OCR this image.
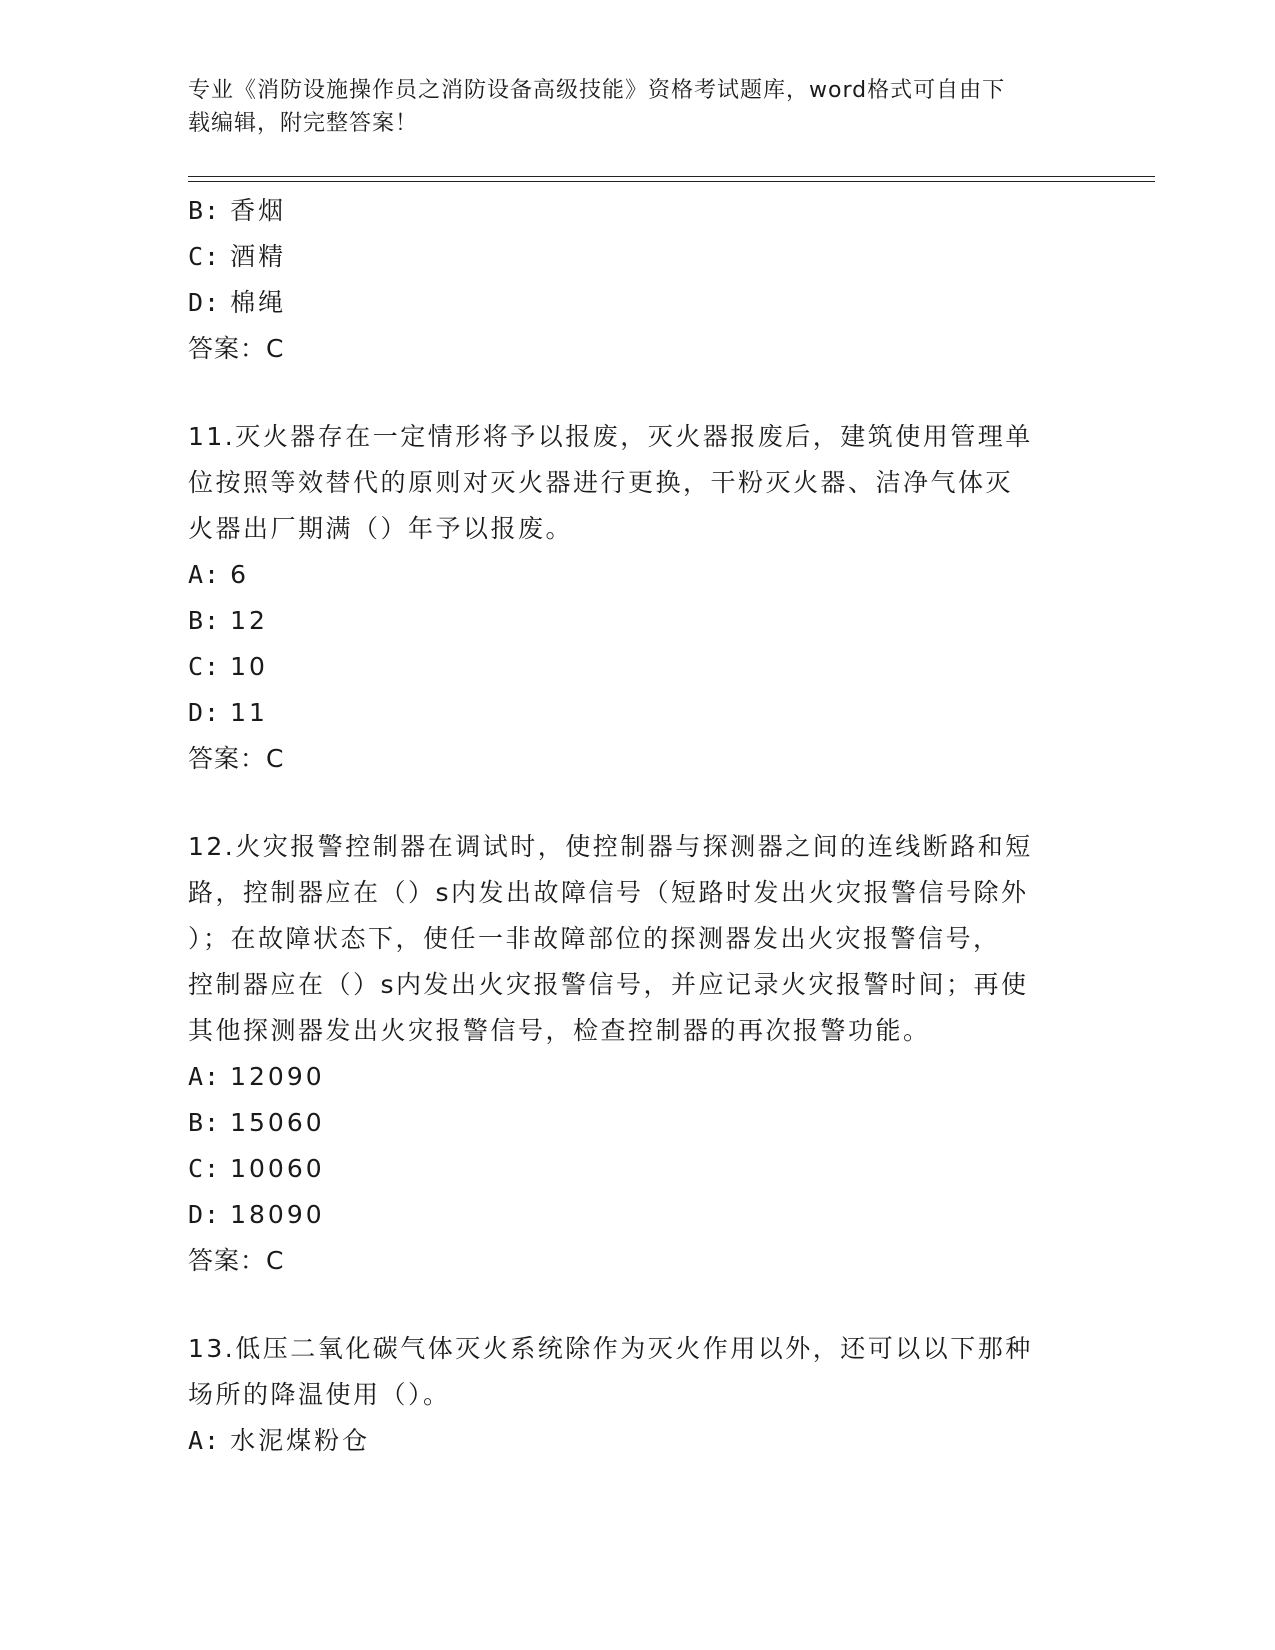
专业《消防设施操作员之消防设备高级技能》资格考试题库，word格式可自由下
载编辑，附完整答案！
B: 香烟
C: 酒精
D: 棉绳
答案：C
11.灭火器存在一定情形将予以报废，灭火器报废后，建筑使用管理单
位按照等效替代的原则对灭火器进行更换，干粉灭火器、洁净气体灭
火器出厂期满（）年予以报废。
A: 6
B: 12
C: 10
D: 11
答案：C
12.火灾报警控制器在调试时，使控制器与探测器之间的连线断路和短
路，控制器应在（）s内发出故障信号（短路时发出火灾报警信号除外
）；在故障状态下，使任一非故障部位的探测器发出火灾报警信号，
控制器应在（）s内发出火灾报警信号，并应记录火灾报警时间；再使
其他探测器发出火灾报警信号，检查控制器的再次报警功能。
A: 12090
B: 15060
C: 10060
D: 18090
答案：C
13.低压二氧化碳气体灭火系统除作为灭火作用以外，还可以以下那种
场所的降温使用（）。
A: 水泥煤粉仓
